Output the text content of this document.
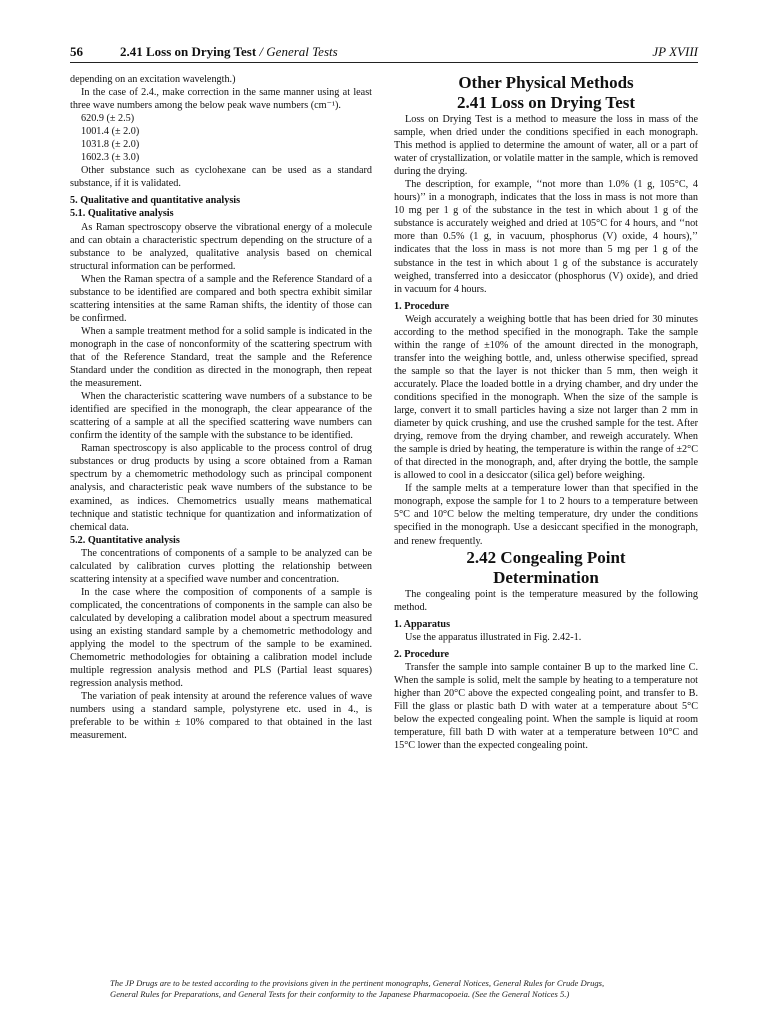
56	2.41 Loss on Drying Test / General Tests	JP XVIII

depending on an excitation wavelength.)

In the case of 2.4., make correction in the same manner using at least three wave numbers among the below peak wave numbers (cm⁻¹).

620.9 (± 2.5)

1001.4 (± 2.0)

1031.8 (± 2.0)

1602.3 (± 3.0)

Other substance such as cyclohexane can be used as a standard substance, if it is validated.

5. Qualitative and quantitative analysis

5.1. Qualitative analysis

As Raman spectroscopy observe the vibrational energy of a molecule and can obtain a characteristic spectrum depending on the structure of a substance to be analyzed, qualitative analysis based on chemical structural information can be performed.

When the Raman spectra of a sample and the Reference Standard of a substance to be identified are compared and both spectra exhibit similar scattering intensities at the same Raman shifts, the identity of those can be confirmed.

When a sample treatment method for a solid sample is indicated in the monograph in the case of nonconformity of the scattering spectrum with that of the Reference Standard, treat the sample and the Reference Standard under the condition as directed in the monograph, then repeat the measurement.

When the characteristic scattering wave numbers of a substance to be identified are specified in the monograph, the clear appearance of the scattering of a sample at all the specified scattering wave numbers can confirm the identity of the sample with the substance to be identified.

Raman spectroscopy is also applicable to the process control of drug substances or drug products by using a score obtained from a Raman spectrum by a chemometric methodology such as principal component analysis, and characteristic peak wave numbers of the substance to be examined, as indices. Chemometrics usually means mathematical technique and statistic technique for quantization and informatization of chemical data.

5.2. Quantitative analysis

The concentrations of components of a sample to be analyzed can be calculated by calibration curves plotting the relationship between scattering intensity at a specified wave number and concentration.

In the case where the composition of components of a sample is complicated, the concentrations of components in the sample can also be calculated by developing a calibration model about a spectrum measured using an existing standard sample by a chemometric methodology and applying the model to the spectrum of the sample to be examined. Chemometric methodologies for obtaining a calibration model include multiple regression analysis method and PLS (Partial least squares) regression analysis method.

The variation of peak intensity at around the reference values of wave numbers using a standard sample, polystyrene etc. used in 4., is preferable to be within ± 10% compared to that obtained in the last measurement.

Other Physical Methods

2.41 Loss on Drying Test

Loss on Drying Test is a method to measure the loss in mass of the sample, when dried under the conditions specified in each monograph. This method is applied to determine the amount of water, all or a part of water of crystallization, or volatile matter in the sample, which is removed during the drying.

The description, for example, ‘‘not more than 1.0% (1 g, 105°C, 4 hours)’’ in a monograph, indicates that the loss in mass is not more than 10 mg per 1 g of the substance in the test in which about 1 g of the substance is accurately weighed and dried at 105°C for 4 hours, and ‘‘not more than 0.5% (1 g, in vacuum, phosphorus (V) oxide, 4 hours),’’ indicates that the loss in mass is not more than 5 mg per 1 g of the substance in the test in which about 1 g of the substance is accurately weighed, transferred into a desiccator (phosphorus (V) oxide), and dried in vacuum for 4 hours.

1. Procedure

Weigh accurately a weighing bottle that has been dried for 30 minutes according to the method specified in the monograph. Take the sample within the range of ±10% of the amount directed in the monograph, transfer into the weighing bottle, and, unless otherwise specified, spread the sample so that the layer is not thicker than 5 mm, then weigh it accurately. Place the loaded bottle in a drying chamber, and dry under the conditions specified in the monograph. When the size of the sample is large, convert it to small particles having a size not larger than 2 mm in diameter by quick crushing, and use the crushed sample for the test. After drying, remove from the drying chamber, and reweigh accurately. When the sample is dried by heating, the temperature is within the range of ±2°C of that directed in the monograph, and, after drying the bottle, the sample is allowed to cool in a desiccator (silica gel) before weighing.

If the sample melts at a temperature lower than that specified in the monograph, expose the sample for 1 to 2 hours to a temperature between 5°C and 10°C below the melting temperature, dry under the conditions specified in the monograph. Use a desiccant specified in the monograph, and renew frequently.

2.42 Congealing Point
Determination

The congealing point is the temperature measured by the following method.

1. Apparatus

Use the apparatus illustrated in Fig. 2.42-1.

2. Procedure

Transfer the sample into sample container B up to the marked line C. When the sample is solid, melt the sample by heating to a temperature not higher than 20°C above the expected congealing point, and transfer to B. Fill the glass or plastic bath D with water at a temperature about 5°C below the expected congealing point. When the sample is liquid at room temperature, fill bath D with water at a temperature between 10°C and 15°C lower than the expected congealing point.

The JP Drugs are to be tested according to the provisions given in the pertinent monographs, General Notices, General Rules for Crude Drugs,
General Rules for Preparations, and General Tests for their conformity to the Japanese Pharmacopoeia. (See the General Notices 5.)
